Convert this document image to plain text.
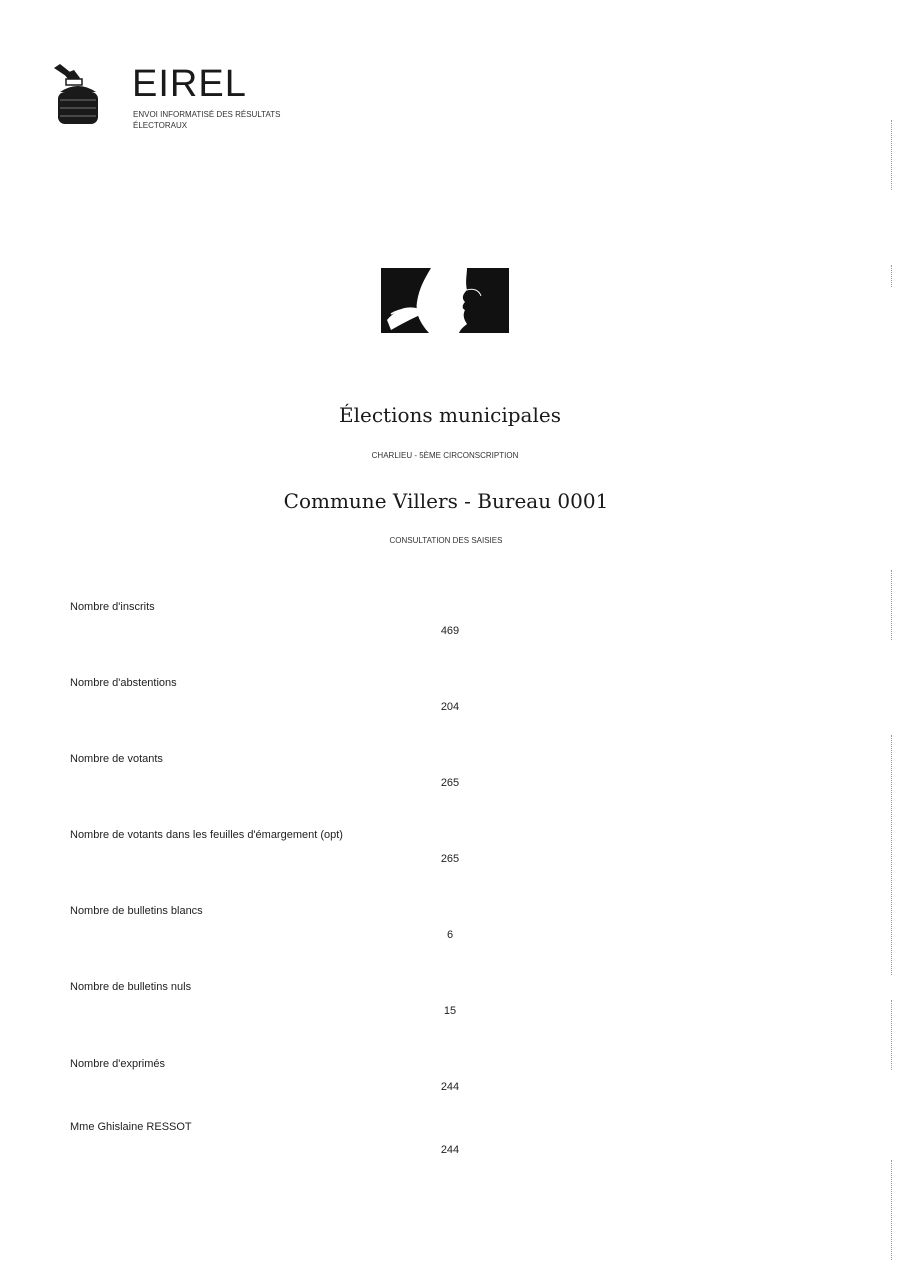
EIREL
ENVOI INFORMATISÉ DES RÉSULTATS ÉLECTORAUX
Élections municipales
CHARLIEU - 5ÈME CIRCONSCRIPTION
Commune Villers - Bureau 0001
CONSULTATION DES SAISIES
Nombre d'inscrits
469
Nombre d'abstentions
204
Nombre de votants
265
Nombre de votants dans les feuilles d'émargement (opt)
265
Nombre de bulletins blancs
6
Nombre de bulletins nuls
15
Nombre d'exprimés
244
Mme Ghislaine RESSOT
244
